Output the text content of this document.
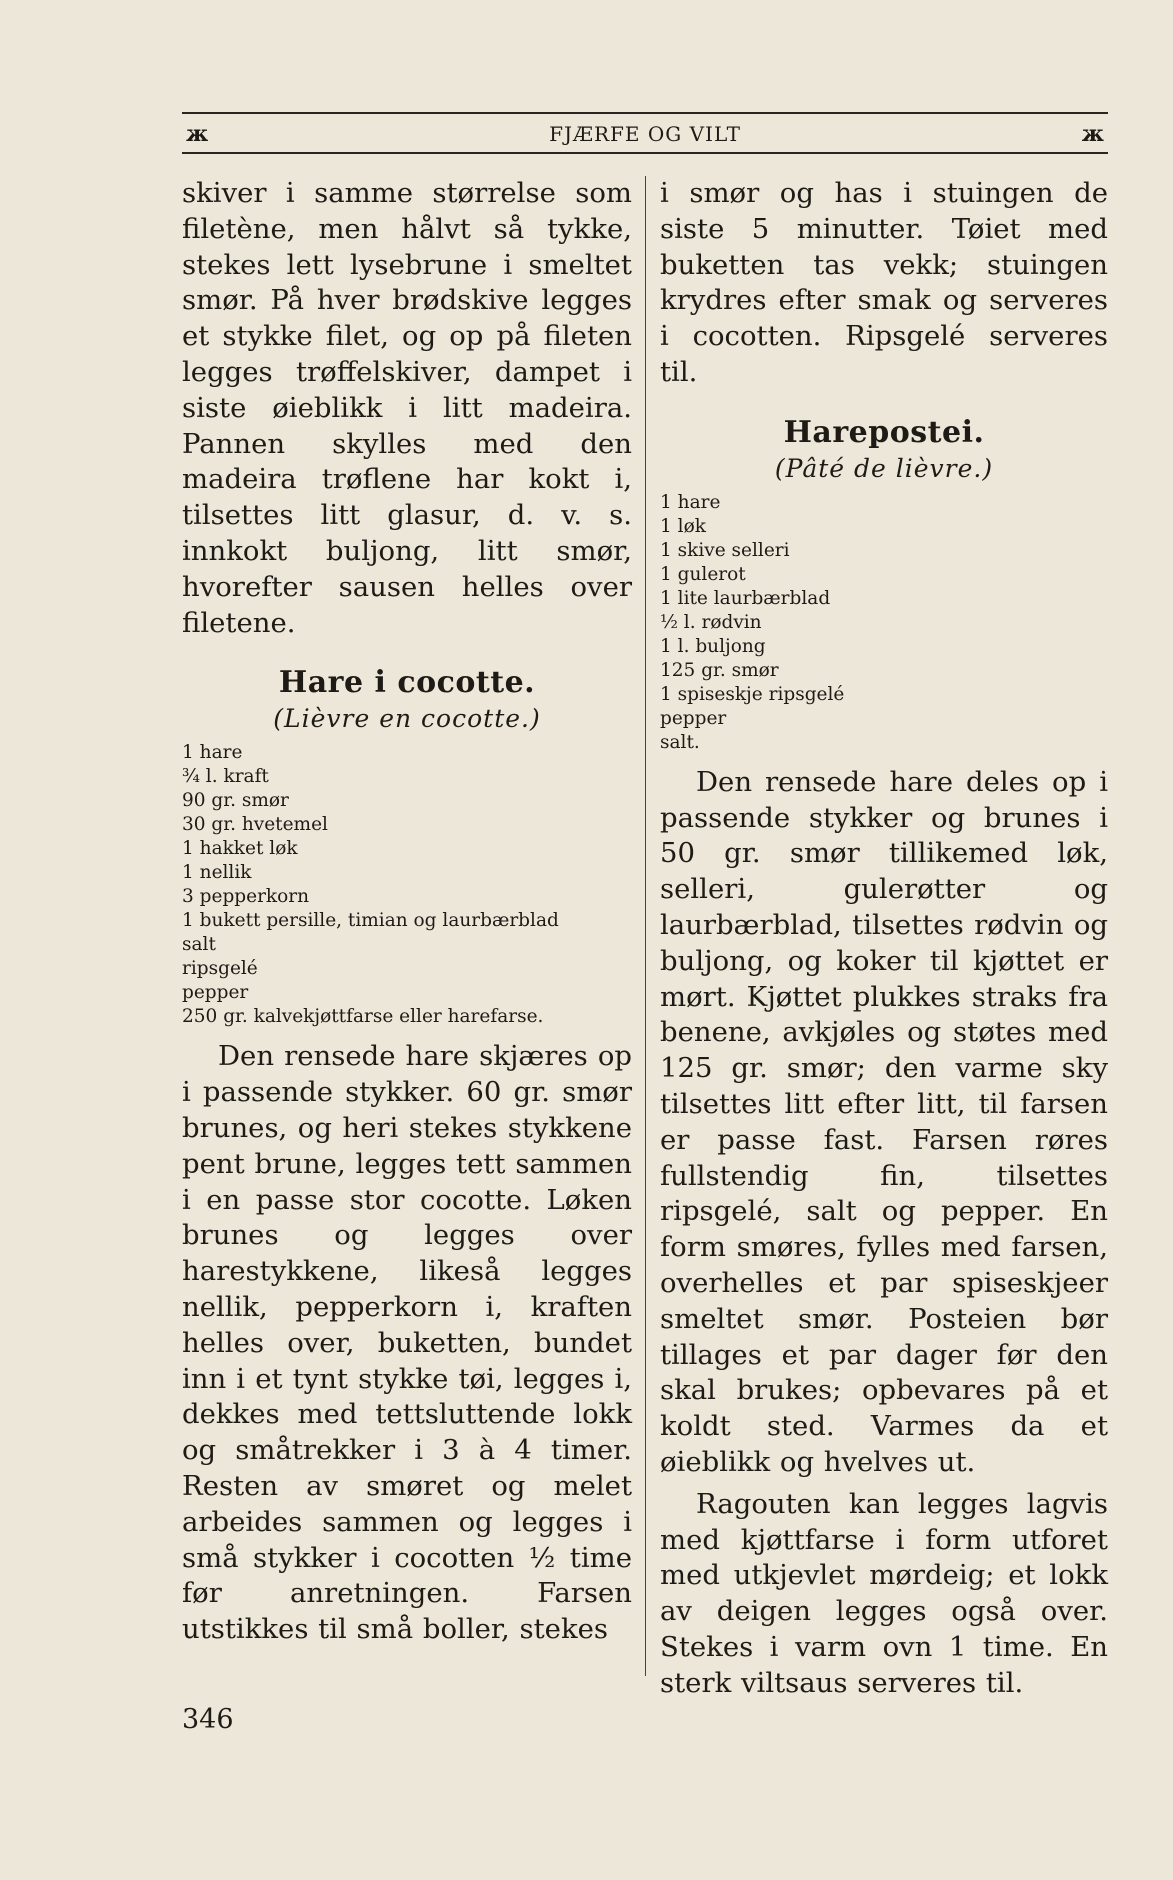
ж	FJÆRFE OG VILT	ж

skiver i samme størrelse som filetène, men hålvt så tykke, stekes lett lysebrune i smeltet smør. På hver brødskive legges et stykke filet, og op på fileten legges trøffelskiver, dampet i siste øieblikk i litt madeira. Pannen skylles med den madeira trøflene har kokt i, tilsettes litt glasur, d. v. s. innkokt buljong, litt smør, hvorefter sausen helles over filetene.

Hare i cocotte.
(Lièvre en cocotte.)
1 hare
¾ l. kraft
90 gr. smør
30 gr. hvetemel
1 hakket løk
1 nellik
3 pepperkorn
1 bukett persille, timian og laurbærblad
salt
ripsgelé
pepper
250 gr. kalvekjøttfarse eller harefarse.

Den rensede hare skjæres op i passende stykker. 60 gr. smør brunes, og heri stekes stykkene pent brune, legges tett sammen i en passe stor cocotte. Løken brunes og legges over harestykkene, likeså legges nellik, pepperkorn i, kraften helles over, buketten, bundet inn i et tynt stykke tøi, legges i, dekkes med tettsluttende lokk og småtrekker i 3 à 4 timer. Resten av smøret og melet arbeides sammen og legges i små stykker i cocotten ½ time før anretningen. Farsen utstikkes til små boller, stekes

i smør og has i stuingen de siste 5 minutter. Tøiet med buketten tas vekk; stuingen krydres efter smak og serveres i cocotten. Ripsgelé serveres til.

Harepostei.
(Pâté de lièvre.)
1 hare
1 løk
1 skive selleri
1 gulerot
1 lite laurbærblad
½ l. rødvin
1 l. buljong
125 gr. smør
1 spiseskje ripsgelé
pepper
salt.

Den rensede hare deles op i passende stykker og brunes i 50 gr. smør tillikemed løk, selleri, gulerøtter og laurbærblad, tilsettes rødvin og buljong, og koker til kjøttet er mørt. Kjøttet plukkes straks fra benene, avkjøles og støtes med 125 gr. smør; den varme sky tilsettes litt efter litt, til farsen er passe fast. Farsen røres fullstendig fin, tilsettes ripsgelé, salt og pepper. En form smøres, fylles med farsen, overhelles et par spiseskjeer smeltet smør. Posteien bør tillages et par dager før den skal brukes; opbevares på et koldt sted. Varmes da et øieblikk og hvelves ut.

Ragouten kan legges lagvis med kjøttfarse i form utforet med utkjevlet mørdeig; et lokk av deigen legges også over. Stekes i varm ovn 1 time. En sterk viltsaus serveres til.

346
